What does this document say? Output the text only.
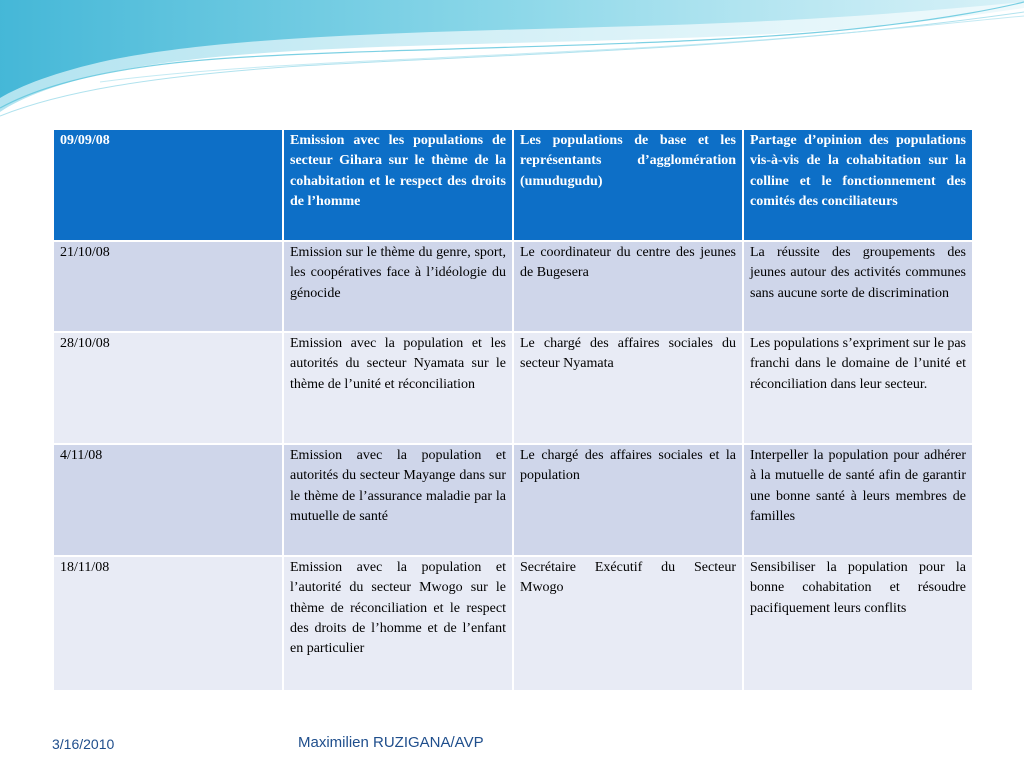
09/09/08	Emission avec les populations de secteur Gihara sur le thème de la cohabitation et le respect des droits de l’homme	Les populations de base et les représentants d’agglomération (umudugudu)	Partage d’opinion des populations vis-à-vis de la cohabitation sur la colline et le fonctionnement des comités des conciliateurs
21/10/08	Emission sur le thème du genre, sport, les coopératives face à l’idéologie du génocide	Le coordinateur du centre des jeunes de Bugesera	La réussite des groupements des jeunes autour des activités communes sans aucune sorte de discrimination
28/10/08	Emission avec la population et les autorités du secteur Nyamata sur le thème de l’unité et réconciliation	Le chargé des affaires sociales du secteur Nyamata	Les populations s’expriment sur le pas franchi dans le domaine de l’unité et réconciliation dans leur secteur.
4/11/08	Emission avec la population et autorités du secteur Mayange dans sur le thème de l’assurance maladie par la mutuelle de santé	Le chargé des affaires sociales et la population	Interpeller la population pour adhérer à la mutuelle de santé afin de garantir une bonne santé à leurs membres de familles
18/11/08	Emission avec la population et l’autorité du secteur Mwogo sur le thème de réconciliation et le respect des droits de l’homme et de l’enfant en particulier	Secrétaire Exécutif du Secteur Mwogo	Sensibiliser la population pour la bonne cohabitation et résoudre pacifiquement leurs conflits
3/16/2010	Maximilien RUZIGANA/AVP
